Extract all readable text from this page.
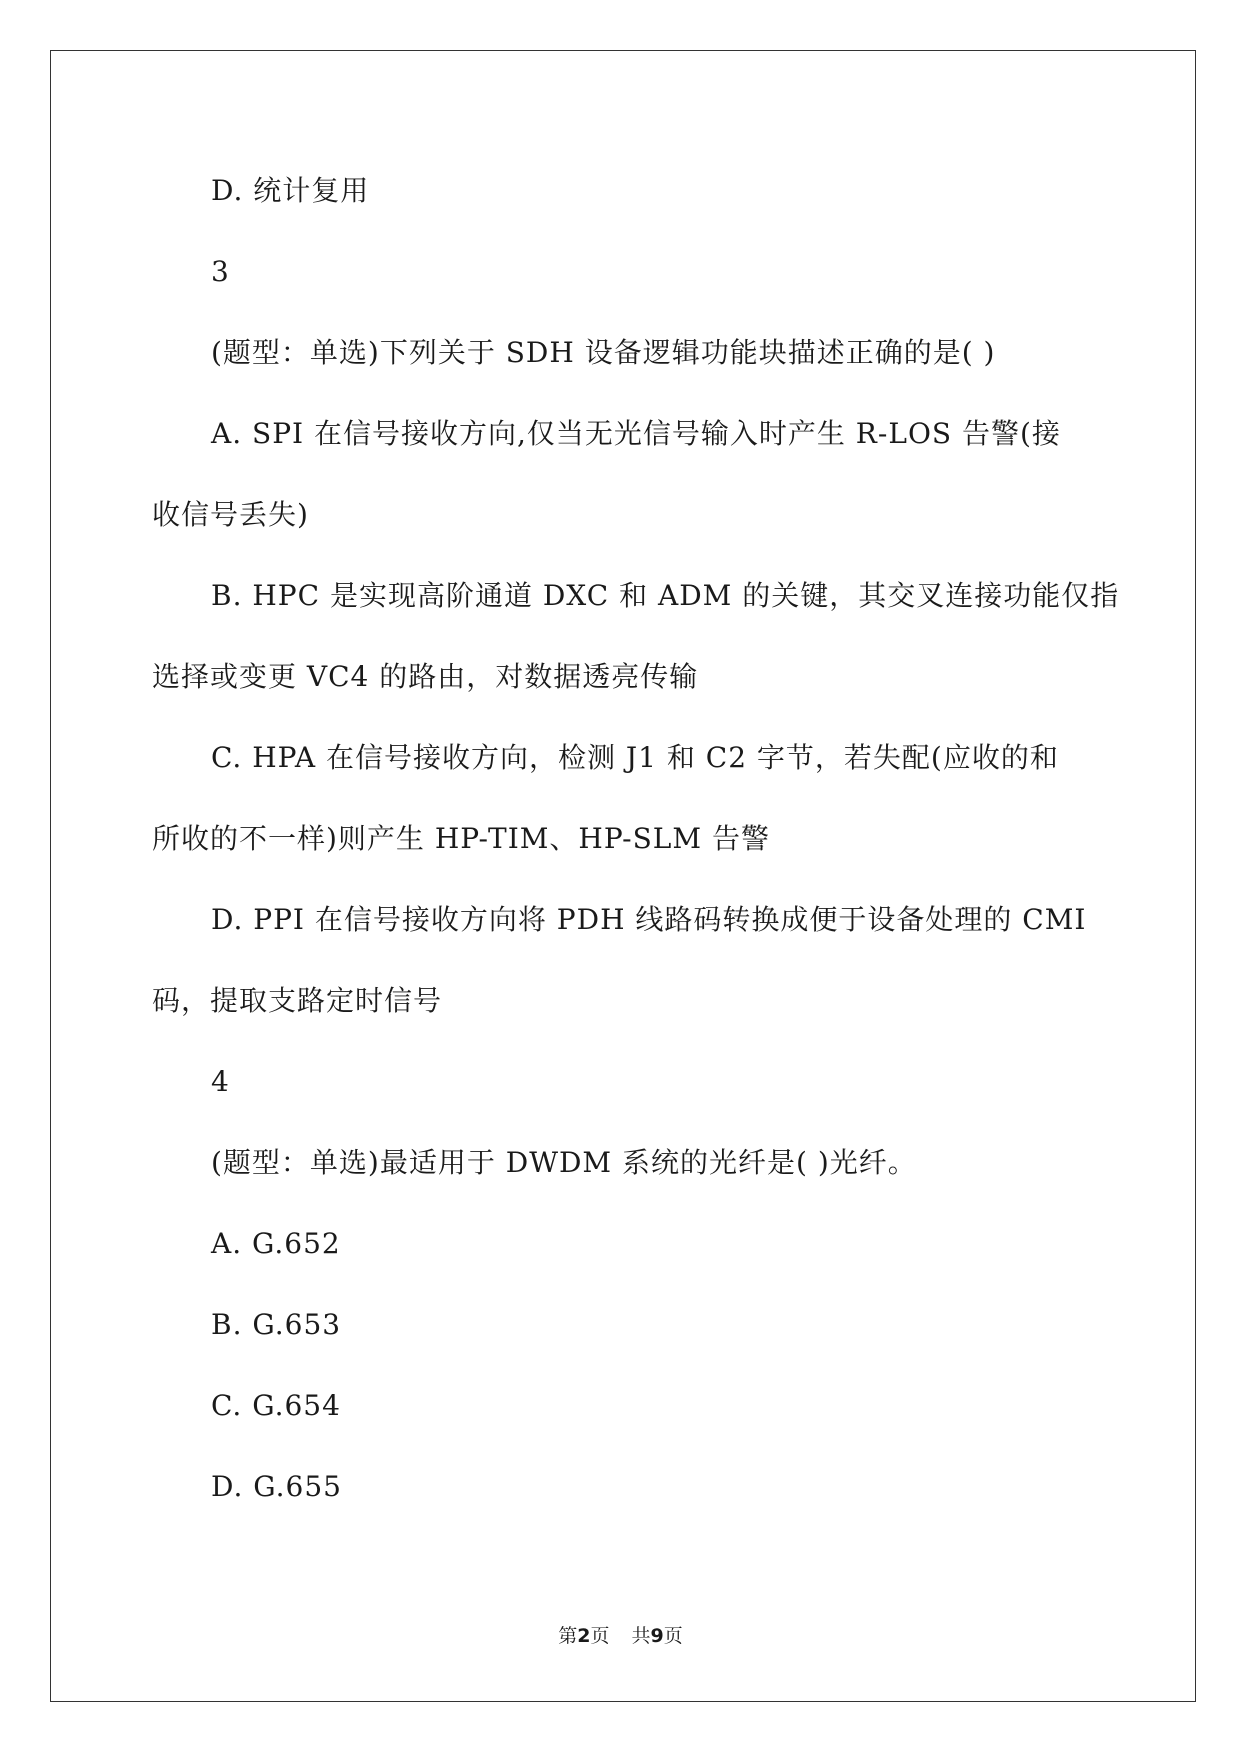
D. 统计复用
3
(题型：单选)下列关于 SDH 设备逻辑功能块描述正确的是( )
A. SPI 在信号接收方向,仅当无光信号输入时产生 R-LOS 告警(接
收信号丢失)
B. HPC 是实现高阶通道 DXC 和 ADM 的关键，其交叉连接功能仅指
选择或变更 VC4 的路由，对数据透亮传输
C. HPA 在信号接收方向，检测 J1 和 C2 字节，若失配(应收的和
所收的不一样)则产生 HP-TIM、HP-SLM 告警
D. PPI 在信号接收方向将 PDH 线路码转换成便于设备处理的 CMI
码，提取支路定时信号
4
(题型：单选)最适用于 DWDM 系统的光纤是( )光纤。
A. G.652
B. G.653
C. G.654
D. G.655
第2页 共9页
